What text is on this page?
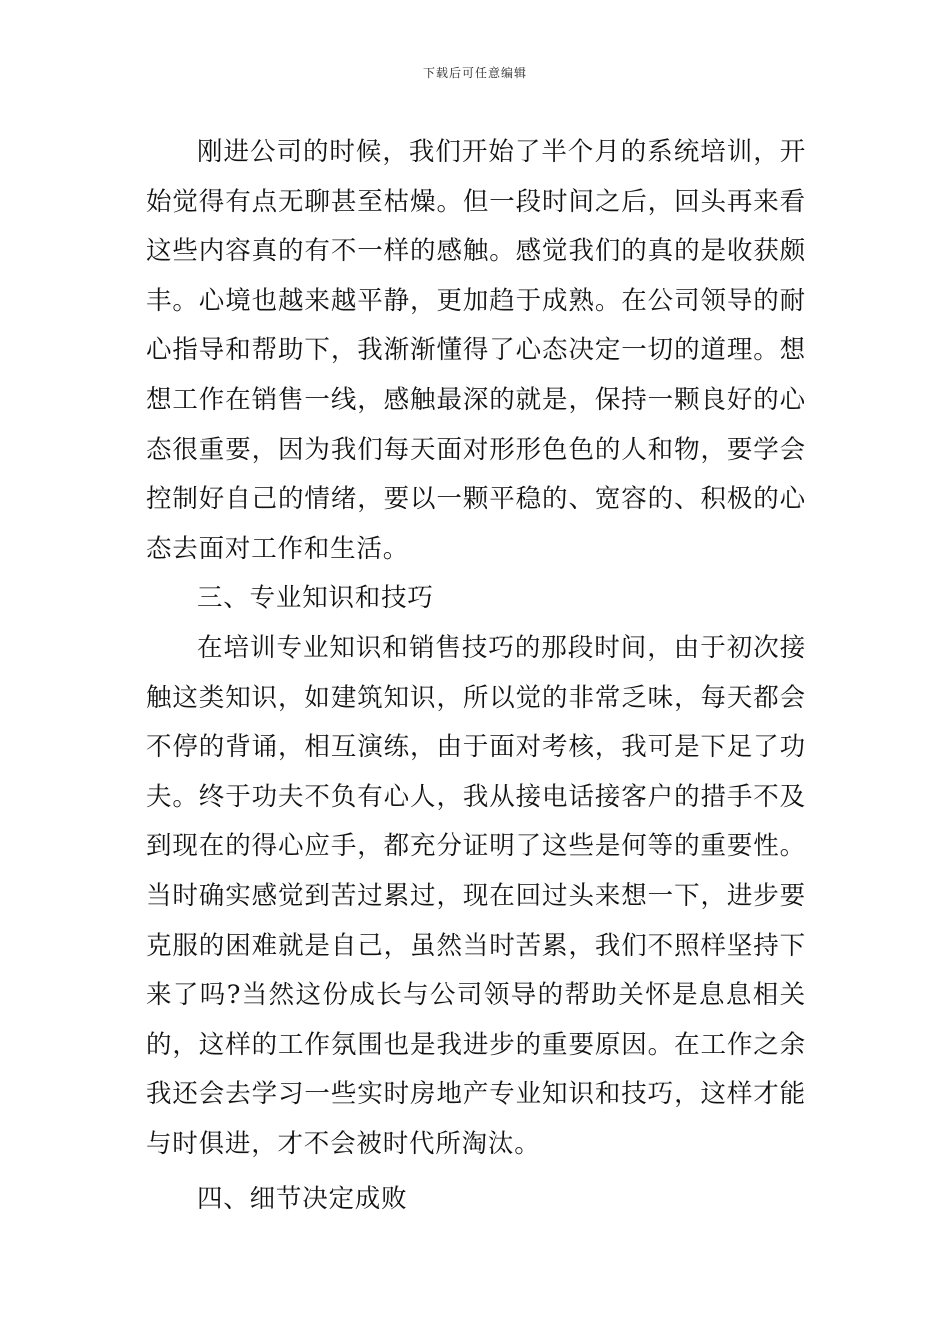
下载后可任意编辑

刚进公司的时候，我们开始了半个月的系统培训，开始觉得有点无聊甚至枯燥。但一段时间之后，回头再来看这些内容真的有不一样的感触。感觉我们的真的是收获颇丰。心境也越来越平静，更加趋于成熟。在公司领导的耐心指导和帮助下，我渐渐懂得了心态决定一切的道理。想想工作在销售一线，感触最深的就是，保持一颗良好的心态很重要，因为我们每天面对形形色色的人和物，要学会控制好自己的情绪，要以一颗平稳的、宽容的、积极的心态去面对工作和生活。

三、专业知识和技巧

在培训专业知识和销售技巧的那段时间，由于初次接触这类知识，如建筑知识，所以觉的非常乏味，每天都会不停的背诵，相互演练，由于面对考核，我可是下足了功夫。终于功夫不负有心人，我从接电话接客户的措手不及到现在的得心应手，都充分证明了这些是何等的重要性。当时确实感觉到苦过累过，现在回过头来想一下，进步要克服的困难就是自己，虽然当时苦累，我们不照样坚持下来了吗?当然这份成长与公司领导的帮助关怀是息息相关的，这样的工作氛围也是我进步的重要原因。在工作之余我还会去学习一些实时房地产专业知识和技巧，这样才能与时俱进，才不会被时代所淘汰。

四、细节决定成败
